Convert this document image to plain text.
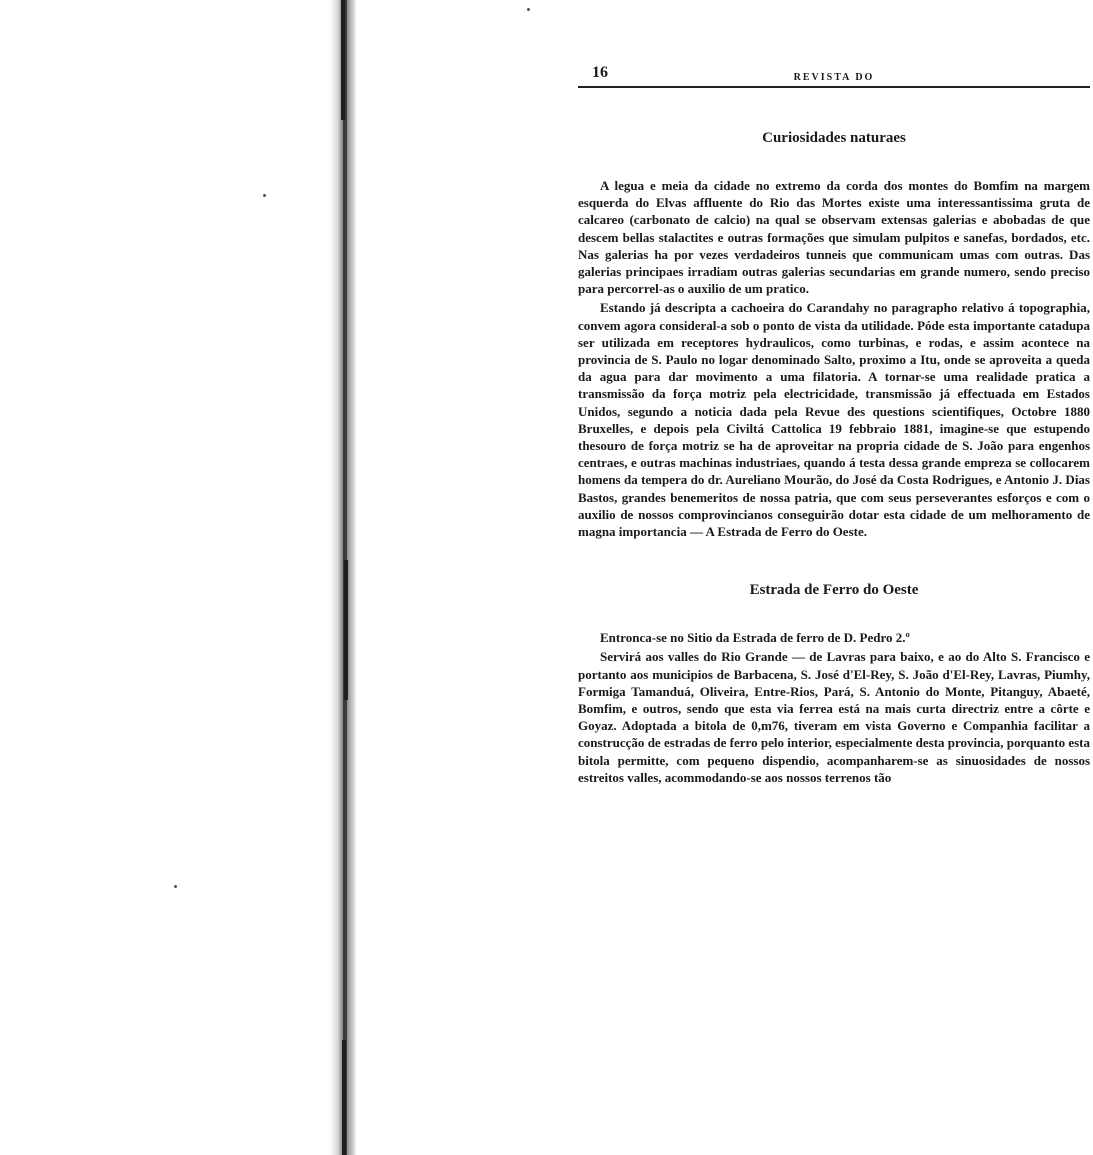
16	REVISTA DO
Curiosidades naturaes

A legua e meia da cidade no extremo da corda dos montes do Bomfim na margem esquerda do Elvas affluente do Rio das Mortes existe uma interessantissima gruta de calcareo (carbonato de calcio) na qual se observam extensas galerias e abobadas de que descem bellas stalactites e outras formações que simulam pulpitos e sanefas, bordados, etc. Nas galerias ha por vezes verdadeiros tunneis que communicam umas com outras. Das galerias principaes irradiam outras galerias secundarias em grande numero, sendo preciso para percorrel-as o auxilio de um pratico.

Estando já descripta a cachoeira do Carandahy no paragrapho relativo á topographia, convem agora consideral-a sob o ponto de vista da utilidade. Póde esta importante catadupa ser utilizada em receptores hydraulicos, como turbinas, e rodas, e assim acontece na provincia de S. Paulo no logar denominado Salto, proximo a Itu, onde se aproveita a queda da agua para dar movimento a uma filatoria. A tornar-se uma realidade pratica a transmissão da força motriz pela electricidade, transmissão já effectuada em Estados Unidos, segundo a noticia dada pela Revue des questions scientifiques, Octobre 1880 Bruxelles, e depois pela Civiltá Cattolica 19 febbraio 1881, imagine-se que estupendo thesouro de força motriz se ha de aproveitar na propria cidade de S. João para engenhos centraes, e outras machinas industriaes, quando á testa dessa grande empreza se collocarem homens da tempera do dr. Aureliano Mourão, do José da Costa Rodrigues, e Antonio J. Dias Bastos, grandes benemeritos de nossa patria, que com seus perseverantes esforços e com o auxilio de nossos comprovincianos conseguirão dotar esta cidade de um melhoramento de magna importancia — A Estrada de Ferro do Oeste.

Estrada de Ferro do Oeste

Entronca-se no Sitio da Estrada de ferro de D. Pedro 2.º

Servirá aos valles do Rio Grande — de Lavras para baixo, e ao do Alto S. Francisco e portanto aos municipios de Barbacena, S. José d'El-Rey, S. João d'El-Rey, Lavras, Piumhy, Formiga Tamanduá, Oliveira, Entre-Rios, Pará, S. Antonio do Monte, Pitanguy, Abaeté, Bomfim, e outros, sendo que esta via ferrea está na mais curta directriz entre a côrte e Goyaz. Adoptada a bitola de 0,m76, tiveram em vista Governo e Companhia facilitar a construcção de estradas de ferro pelo interior, especialmente desta provincia, porquanto esta bitola permitte, com pequeno dispendio, acompanharem-se as sinuosidades de nossos estreitos valles, acommodando-se aos nossos terrenos tão
